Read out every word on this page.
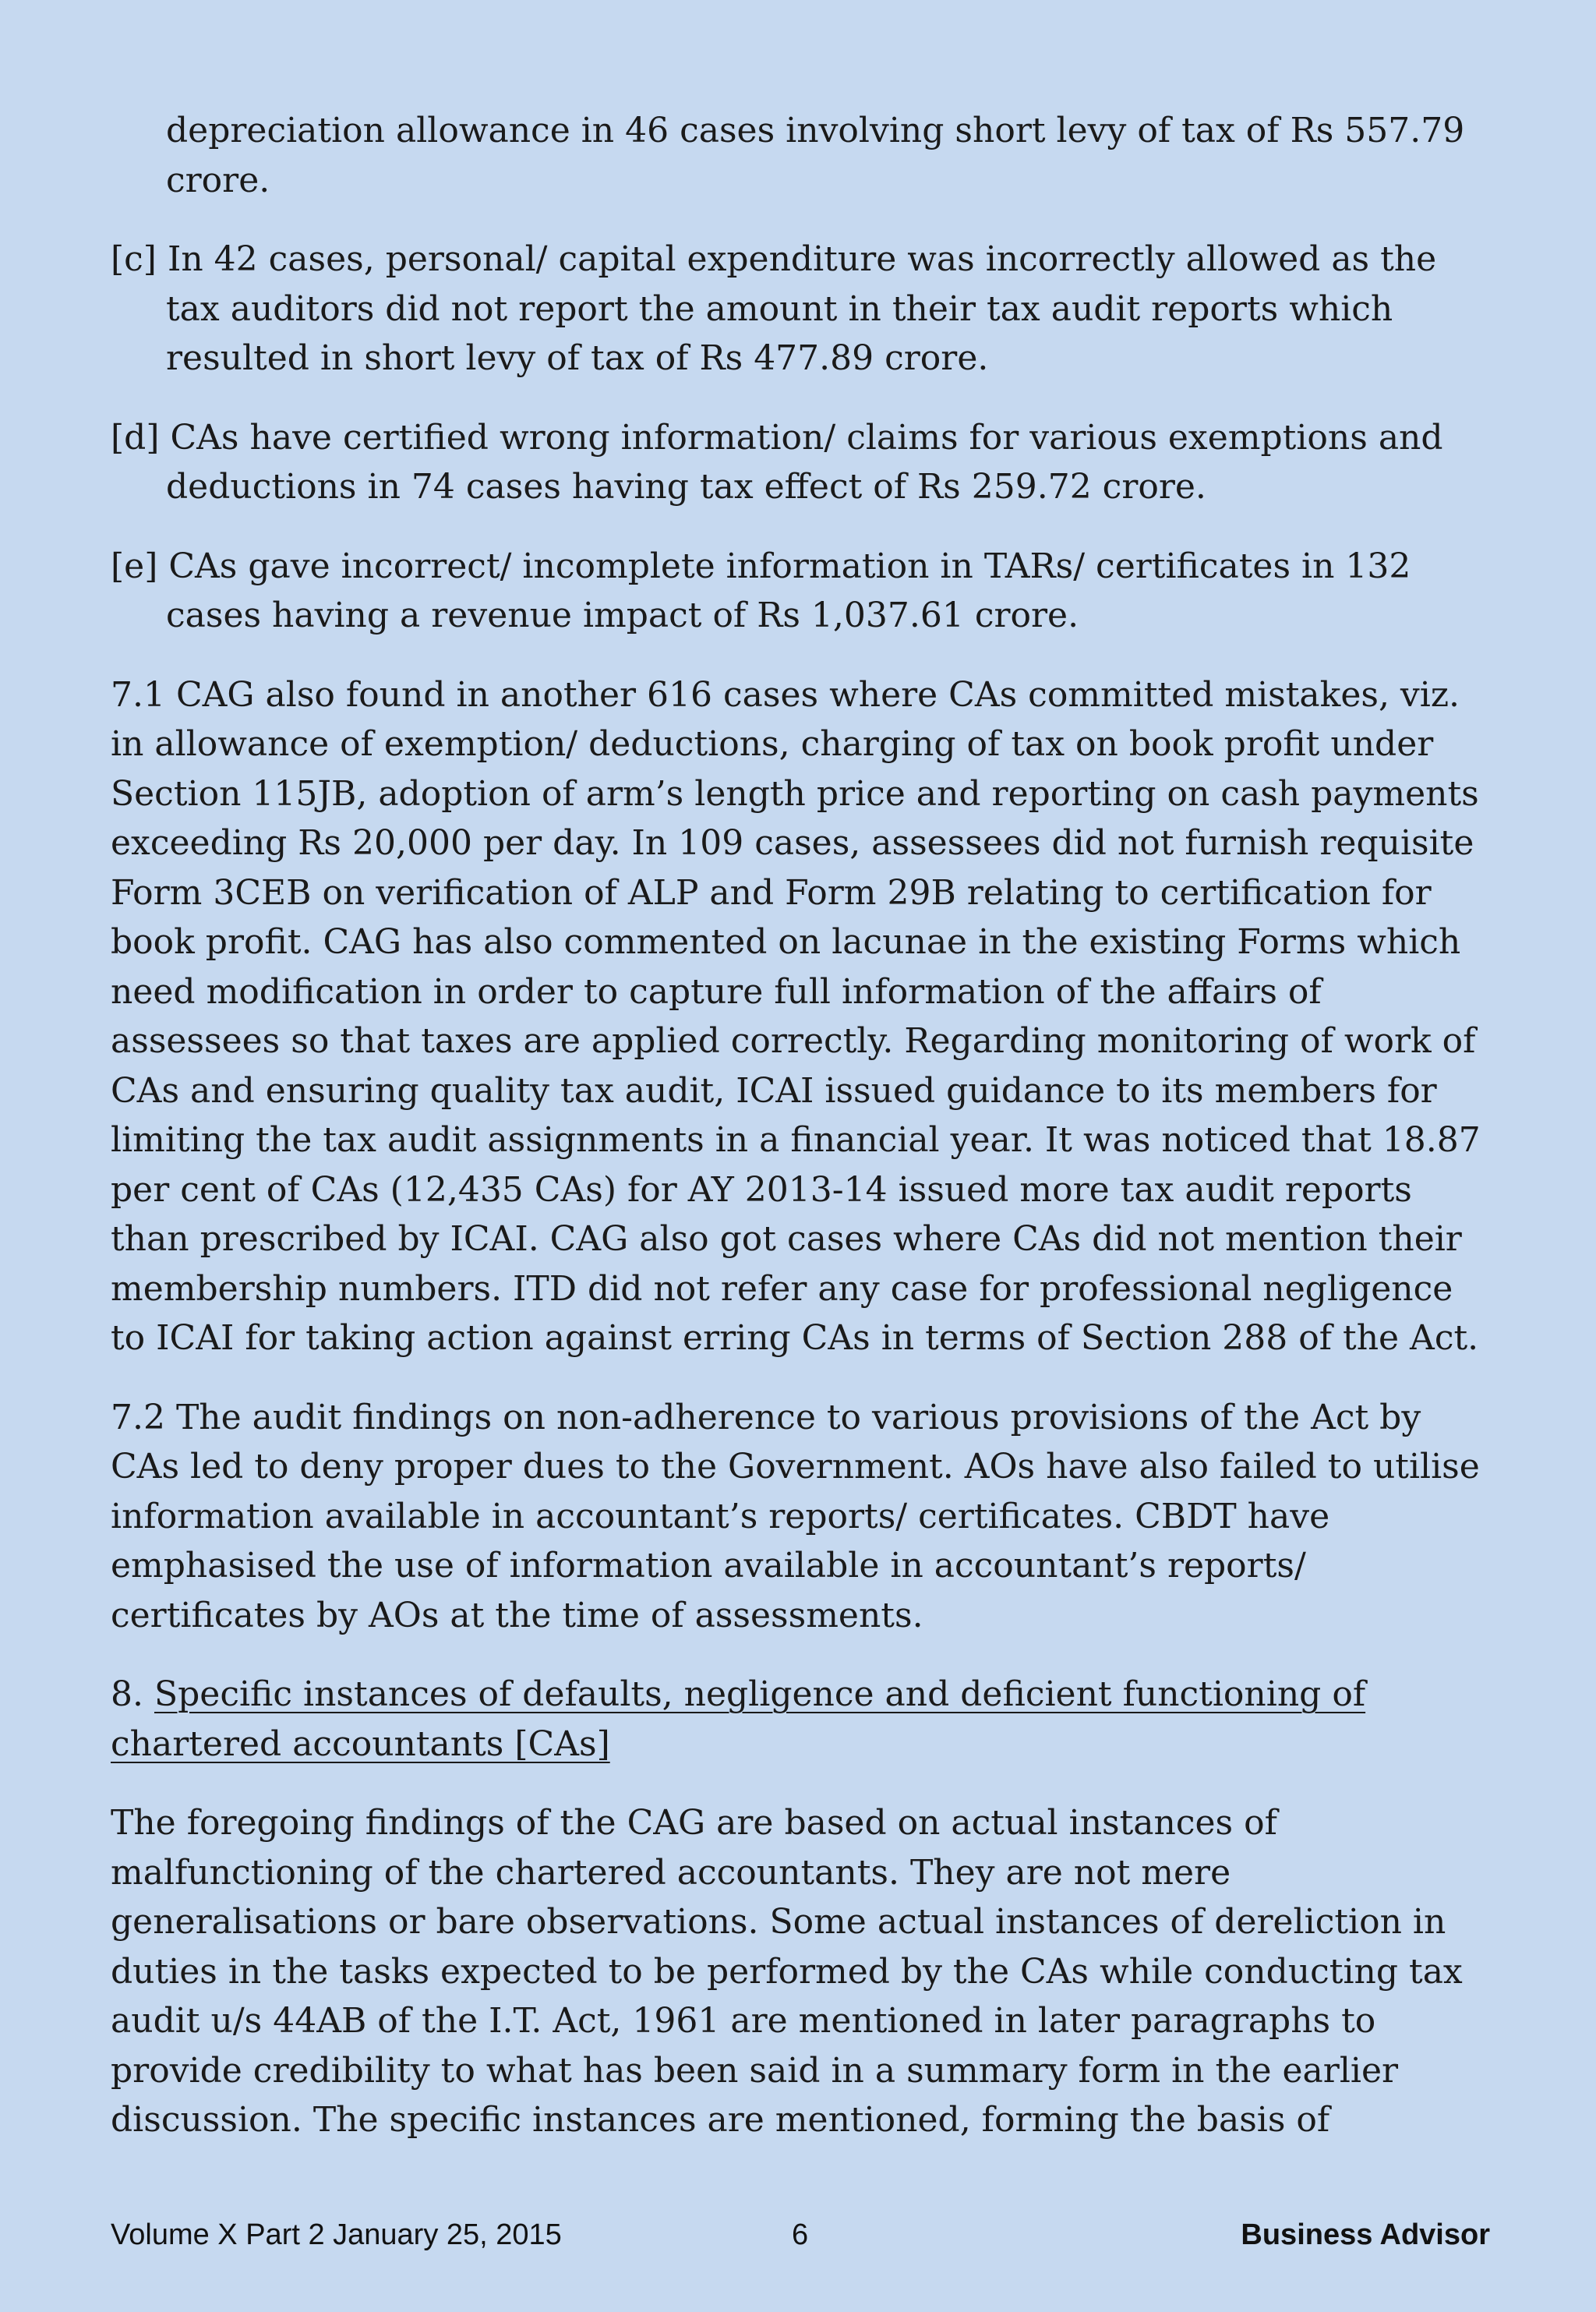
depreciation allowance in 46 cases involving short levy of tax of Rs 557.79 crore.

[c] In 42 cases, personal/ capital expenditure was incorrectly allowed as the tax auditors did not report the amount in their tax audit reports which resulted in short levy of tax of Rs 477.89 crore.

[d] CAs have certified wrong information/ claims for various exemptions and deductions in 74 cases having tax effect of Rs 259.72 crore.

[e] CAs gave incorrect/ incomplete information in TARs/ certificates in 132 cases having a revenue impact of Rs 1,037.61 crore.

7.1 CAG also found in another 616 cases where CAs committed mistakes, viz. in allowance of exemption/ deductions, charging of tax on book profit under Section 115JB, adoption of arm’s length price and reporting on cash payments exceeding Rs 20,000 per day. In 109 cases, assessees did not furnish requisite Form 3CEB on verification of ALP and Form 29B relating to certification for book profit. CAG has also commented on lacunae in the existing Forms which need modification in order to capture full information of the affairs of assessees so that taxes are applied correctly. Regarding monitoring of work of CAs and ensuring quality tax audit, ICAI issued guidance to its members for limiting the tax audit assignments in a financial year. It was noticed that 18.87 per cent of CAs (12,435 CAs) for AY 2013-14 issued more tax audit reports than prescribed by ICAI. CAG also got cases where CAs did not mention their membership numbers. ITD did not refer any case for professional negligence to ICAI for taking action against erring CAs in terms of Section 288 of the Act.

7.2 The audit findings on non-adherence to various provisions of the Act by CAs led to deny proper dues to the Government. AOs have also failed to utilise information available in accountant’s reports/ certificates. CBDT have emphasised the use of information available in accountant’s reports/ certificates by AOs at the time of assessments.

8. Specific instances of defaults, negligence and deficient functioning of chartered accountants [CAs]

The foregoing findings of the CAG are based on actual instances of malfunctioning of the chartered accountants. They are not mere generalisations or bare observations. Some actual instances of dereliction in duties in the tasks expected to be performed by the CAs while conducting tax audit u/s 44AB of the I.T. Act, 1961 are mentioned in later paragraphs to provide credibility to what has been said in a summary form in the earlier discussion. The specific instances are mentioned, forming the basis of

Volume X Part 2 January 25, 2015	6	Business Advisor
